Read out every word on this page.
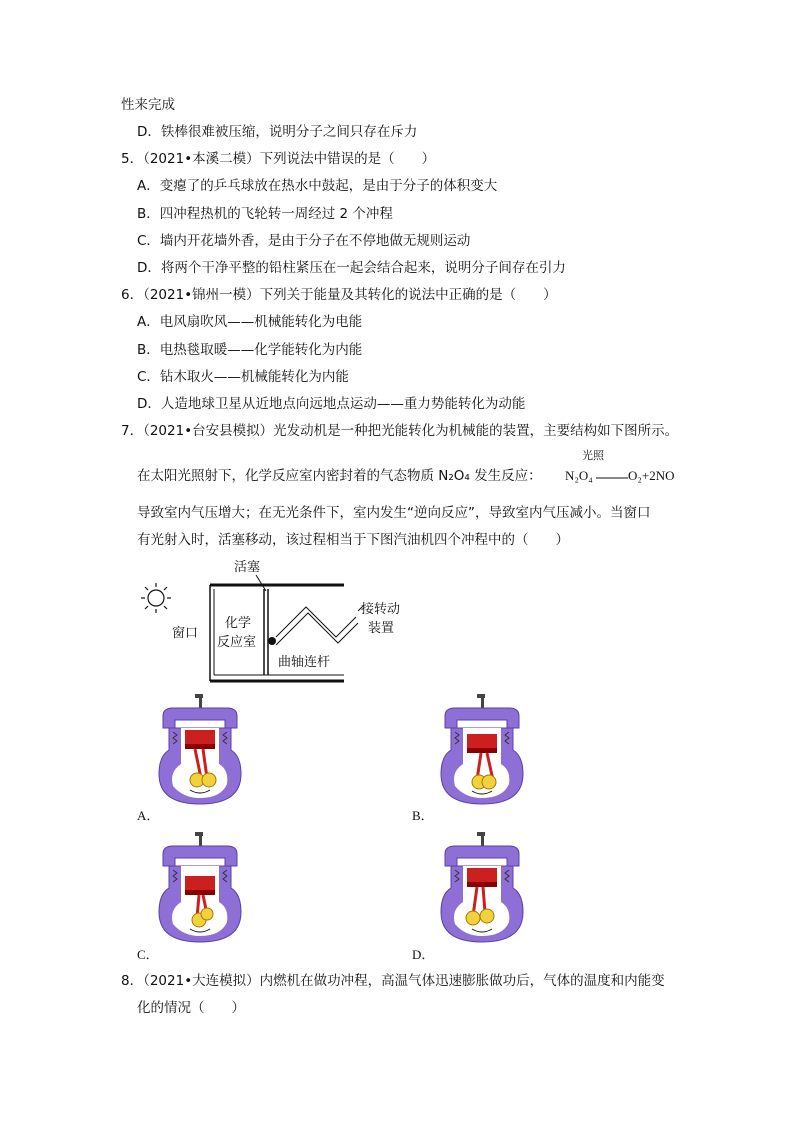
性来完成
D．铁棒很难被压缩，说明分子之间只存在斥力
5．（2021•本溪二模）下列说法中错误的是（　　）
A．变瘪了的乒乓球放在热水中鼓起，是由于分子的体积变大
B．四冲程热机的飞轮转一周经过 2 个冲程
C．墙内开花墙外香，是由于分子在不停地做无规则运动
D．将两个干净平整的铅柱紧压在一起会结合起来，说明分子间存在引力
6．（2021•锦州一模）下列关于能量及其转化的说法中正确的是（　　）
A．电风扇吹风——机械能转化为电能
B．电热毯取暖——化学能转化为内能
C．钻木取火——机械能转化为内能
D．人造地球卫星从近地点向远地点运动——重力势能转化为动能
7．（2021•台安县模拟）光发动机是一种把光能转化为机械能的装置，主要结构如下图所示。
光照
在太阳光照射下，化学反应室内密封着的气态物质 N₂O₄ 发生反应： N₂O₄	O₂+2NO
导致室内气压增大；在无光条件下，室内发生“逆向反应”，导致室内气压减小。当窗口
有光射入时，活塞移动，该过程相当于下图汽油机四个冲程中的（　　）
活塞
窗口
化学
反应室
曲轴连杆
接转动
装置
A．	B．
C．	D．
8．（2021•大连模拟）内燃机在做功冲程，高温气体迅速膨胀做功后，气体的温度和内能变
化的情况（　　）
